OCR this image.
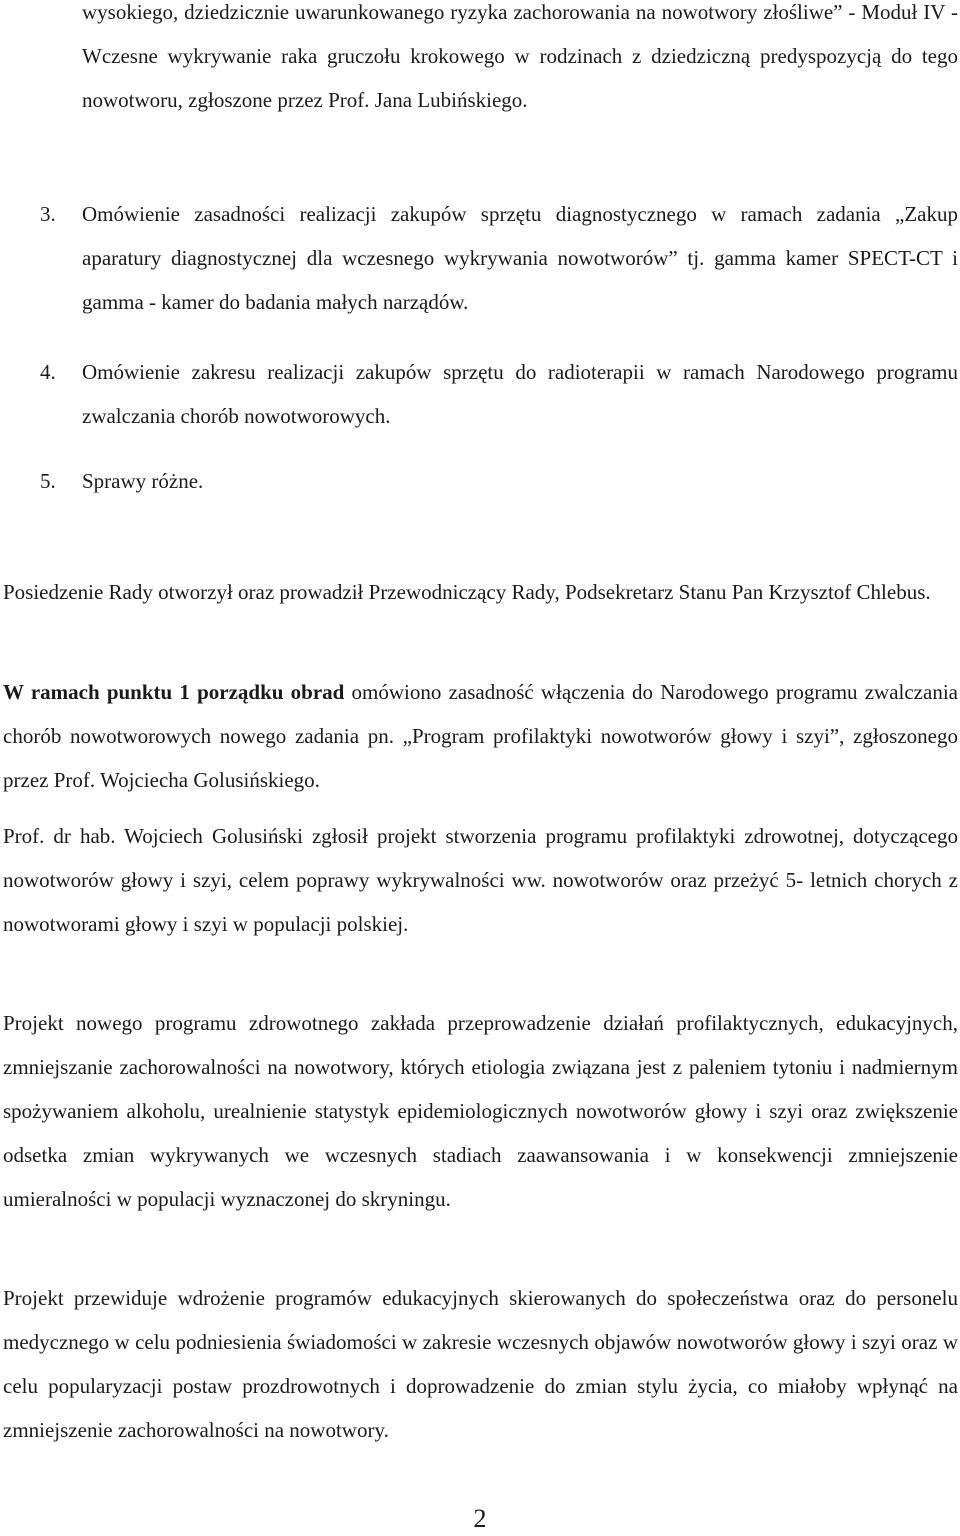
wysokiego, dziedzicznie uwarunkowanego ryzyka zachorowania na nowotwory złośliwe” - Moduł IV - Wczesne wykrywanie raka gruczołu krokowego w rodzinach z dziedziczną predyspozycją do tego nowotworu, zgłoszone przez Prof. Jana Lubińskiego.

3. Omówienie zasadności realizacji zakupów sprzętu diagnostycznego w ramach zadania „Zakup aparatury diagnostycznej dla wczesnego wykrywania nowotworów” tj. gamma kamer SPECT-CT i gamma - kamer do badania małych narządów.

4. Omówienie zakresu realizacji zakupów sprzętu do radioterapii w ramach Narodowego programu zwalczania chorób nowotworowych.

5. Sprawy różne.

Posiedzenie Rady otworzył oraz prowadził Przewodniczący Rady, Podsekretarz Stanu Pan Krzysztof Chlebus.

W ramach punktu 1 porządku obrad omówiono zasadność włączenia do Narodowego programu zwalczania chorób nowotworowych nowego zadania pn. „Program profilaktyki nowotworów głowy i szyi”, zgłoszonego przez Prof. Wojciecha Golusińskiego.

Prof. dr hab. Wojciech Golusiński zgłosił projekt stworzenia programu profilaktyki zdrowotnej, dotyczącego nowotworów głowy i szyi, celem poprawy wykrywalności ww. nowotworów oraz przeżyć 5- letnich chorych z nowotworami głowy i szyi w populacji polskiej.

Projekt nowego programu zdrowotnego zakłada przeprowadzenie działań profilaktycznych, edukacyjnych, zmniejszanie zachorowalności na nowotwory, których etiologia związana jest z paleniem tytoniu i nadmiernym spożywaniem alkoholu, urealnienie statystyk epidemiologicznych nowotworów głowy i szyi oraz zwiększenie odsetka zmian wykrywanych we wczesnych stadiach zaawansowania i w konsekwencji zmniejszenie umieralności w populacji wyznaczonej do skryningu.

Projekt przewiduje wdrożenie programów edukacyjnych skierowanych do społeczeństwa oraz do personelu medycznego w celu podniesienia świadomości w zakresie wczesnych objawów nowotworów głowy i szyi oraz w celu popularyzacji postaw prozdrowotnych i doprowadzenie do zmian stylu życia, co miałoby wpłynąć na zmniejszenie zachorowalności na nowotwory.

2
